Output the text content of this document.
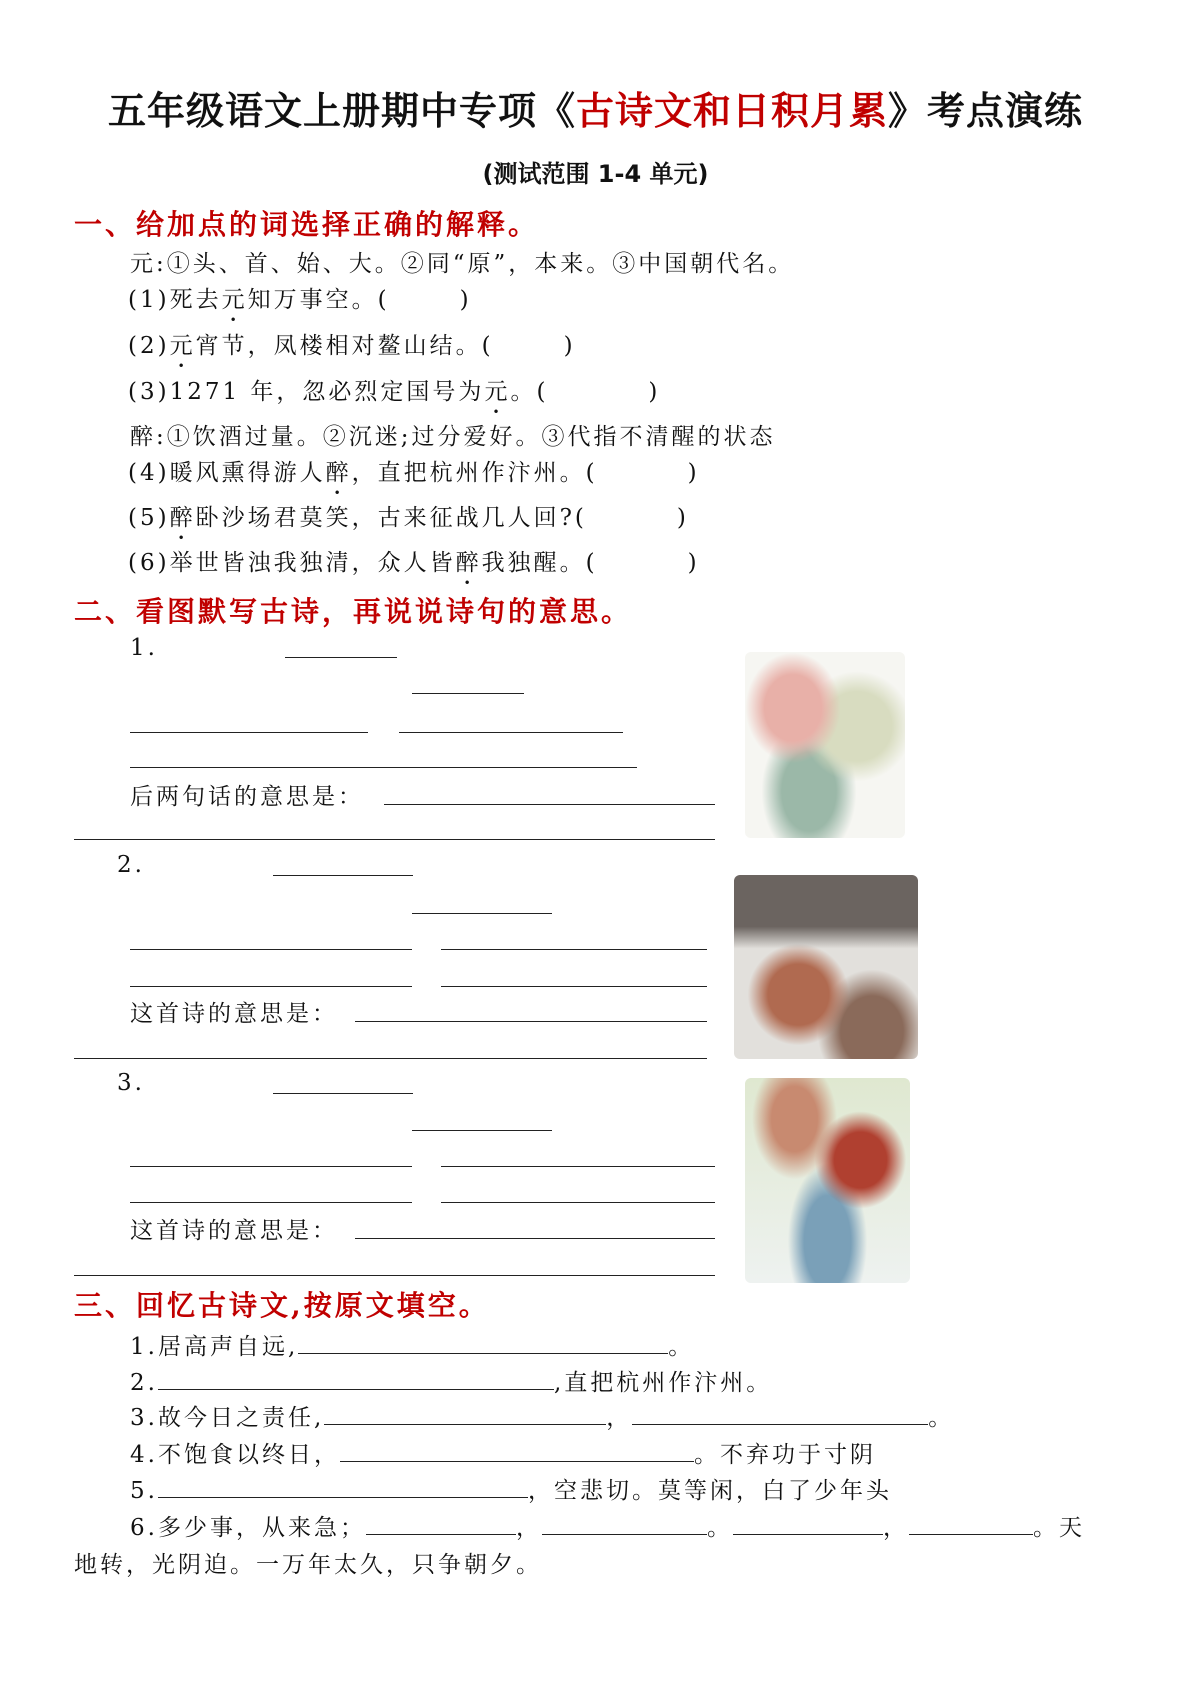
五年级语文上册期中专项《古诗文和日积月累》考点演练
(测试范围 1-4 单元)
一、给加点的词选择正确的解释。
元:①头、首、始、大。②同“原”，本来。③中国朝代名。
(1)死去元知万事空。(	)
(2)元宵节，凤楼相对鳌山结。(	)
(3)1271 年，忽必烈定国号为元。(	)
醉:①饮酒过量。②沉迷;过分爱好。③代指不清醒的状态
(4)暖风熏得游人醉，直把杭州作汴州。(	)
(5)醉卧沙场君莫笑，古来征战几人回?(	)
(6)举世皆浊我独清，众人皆醉我独醒。(	)
二、看图默写古诗，再说说诗句的意思。
1.
后两句话的意思是：
2.
这首诗的意思是：
3.
这首诗的意思是：
三、回忆古诗文,按原文填空。
1.居高声自远,	。
2.	,直把杭州作汴州。
3.故今日之责任,	，	。
4.不饱食以终日，	。不弃功于寸阴
5.	，空悲切。莫等闲，白了少年头
6.多少事，从来急；	，	。	，	。天
地转，光阴迫。一万年太久，只争朝夕。
